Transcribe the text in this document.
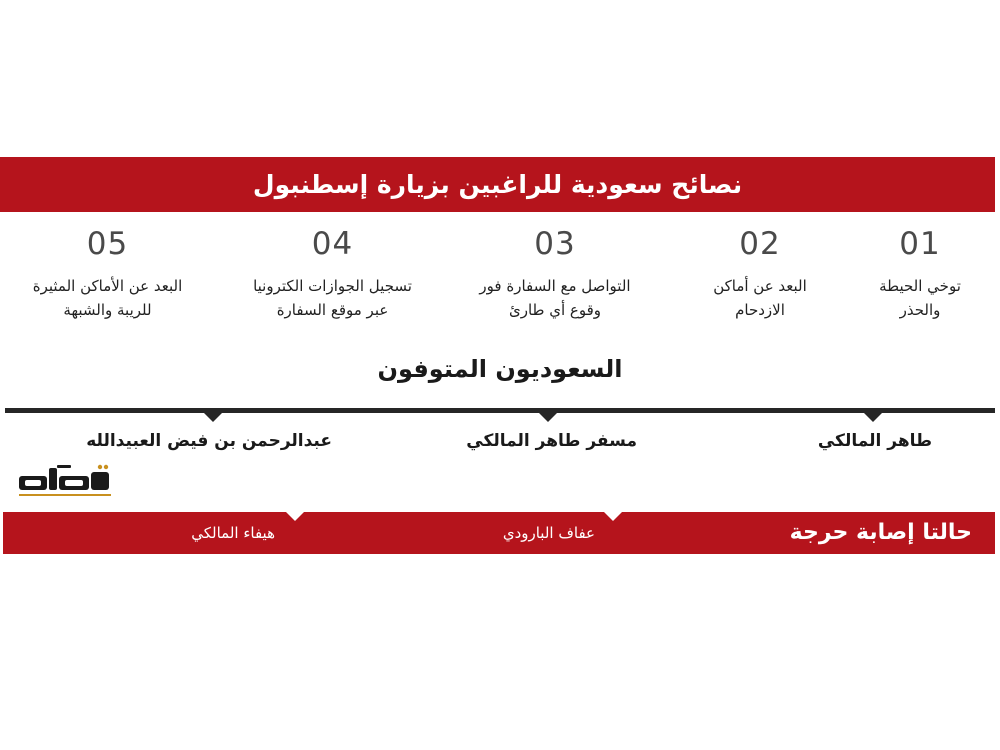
نصائح سعودية للراغبين بزيارة إسطنبول
01
توخي الحيطة
والحذر
02
البعد عن أماكن
الازدحام
03
التواصل مع السفارة فور
وقوع أي طارئ
04
تسجيل الجوازات الكترونيا
عبر موقع السفارة
05
البعد عن الأماكن المثيرة
للريبة والشبهة
السعوديون المتوفون
طاهر المالكي
مسفر طاهر المالكي
عبدالرحمن بن فيض العبيدالله
حالتا إصابة حرجة
عفاف البارودي
هيفاء المالكي
